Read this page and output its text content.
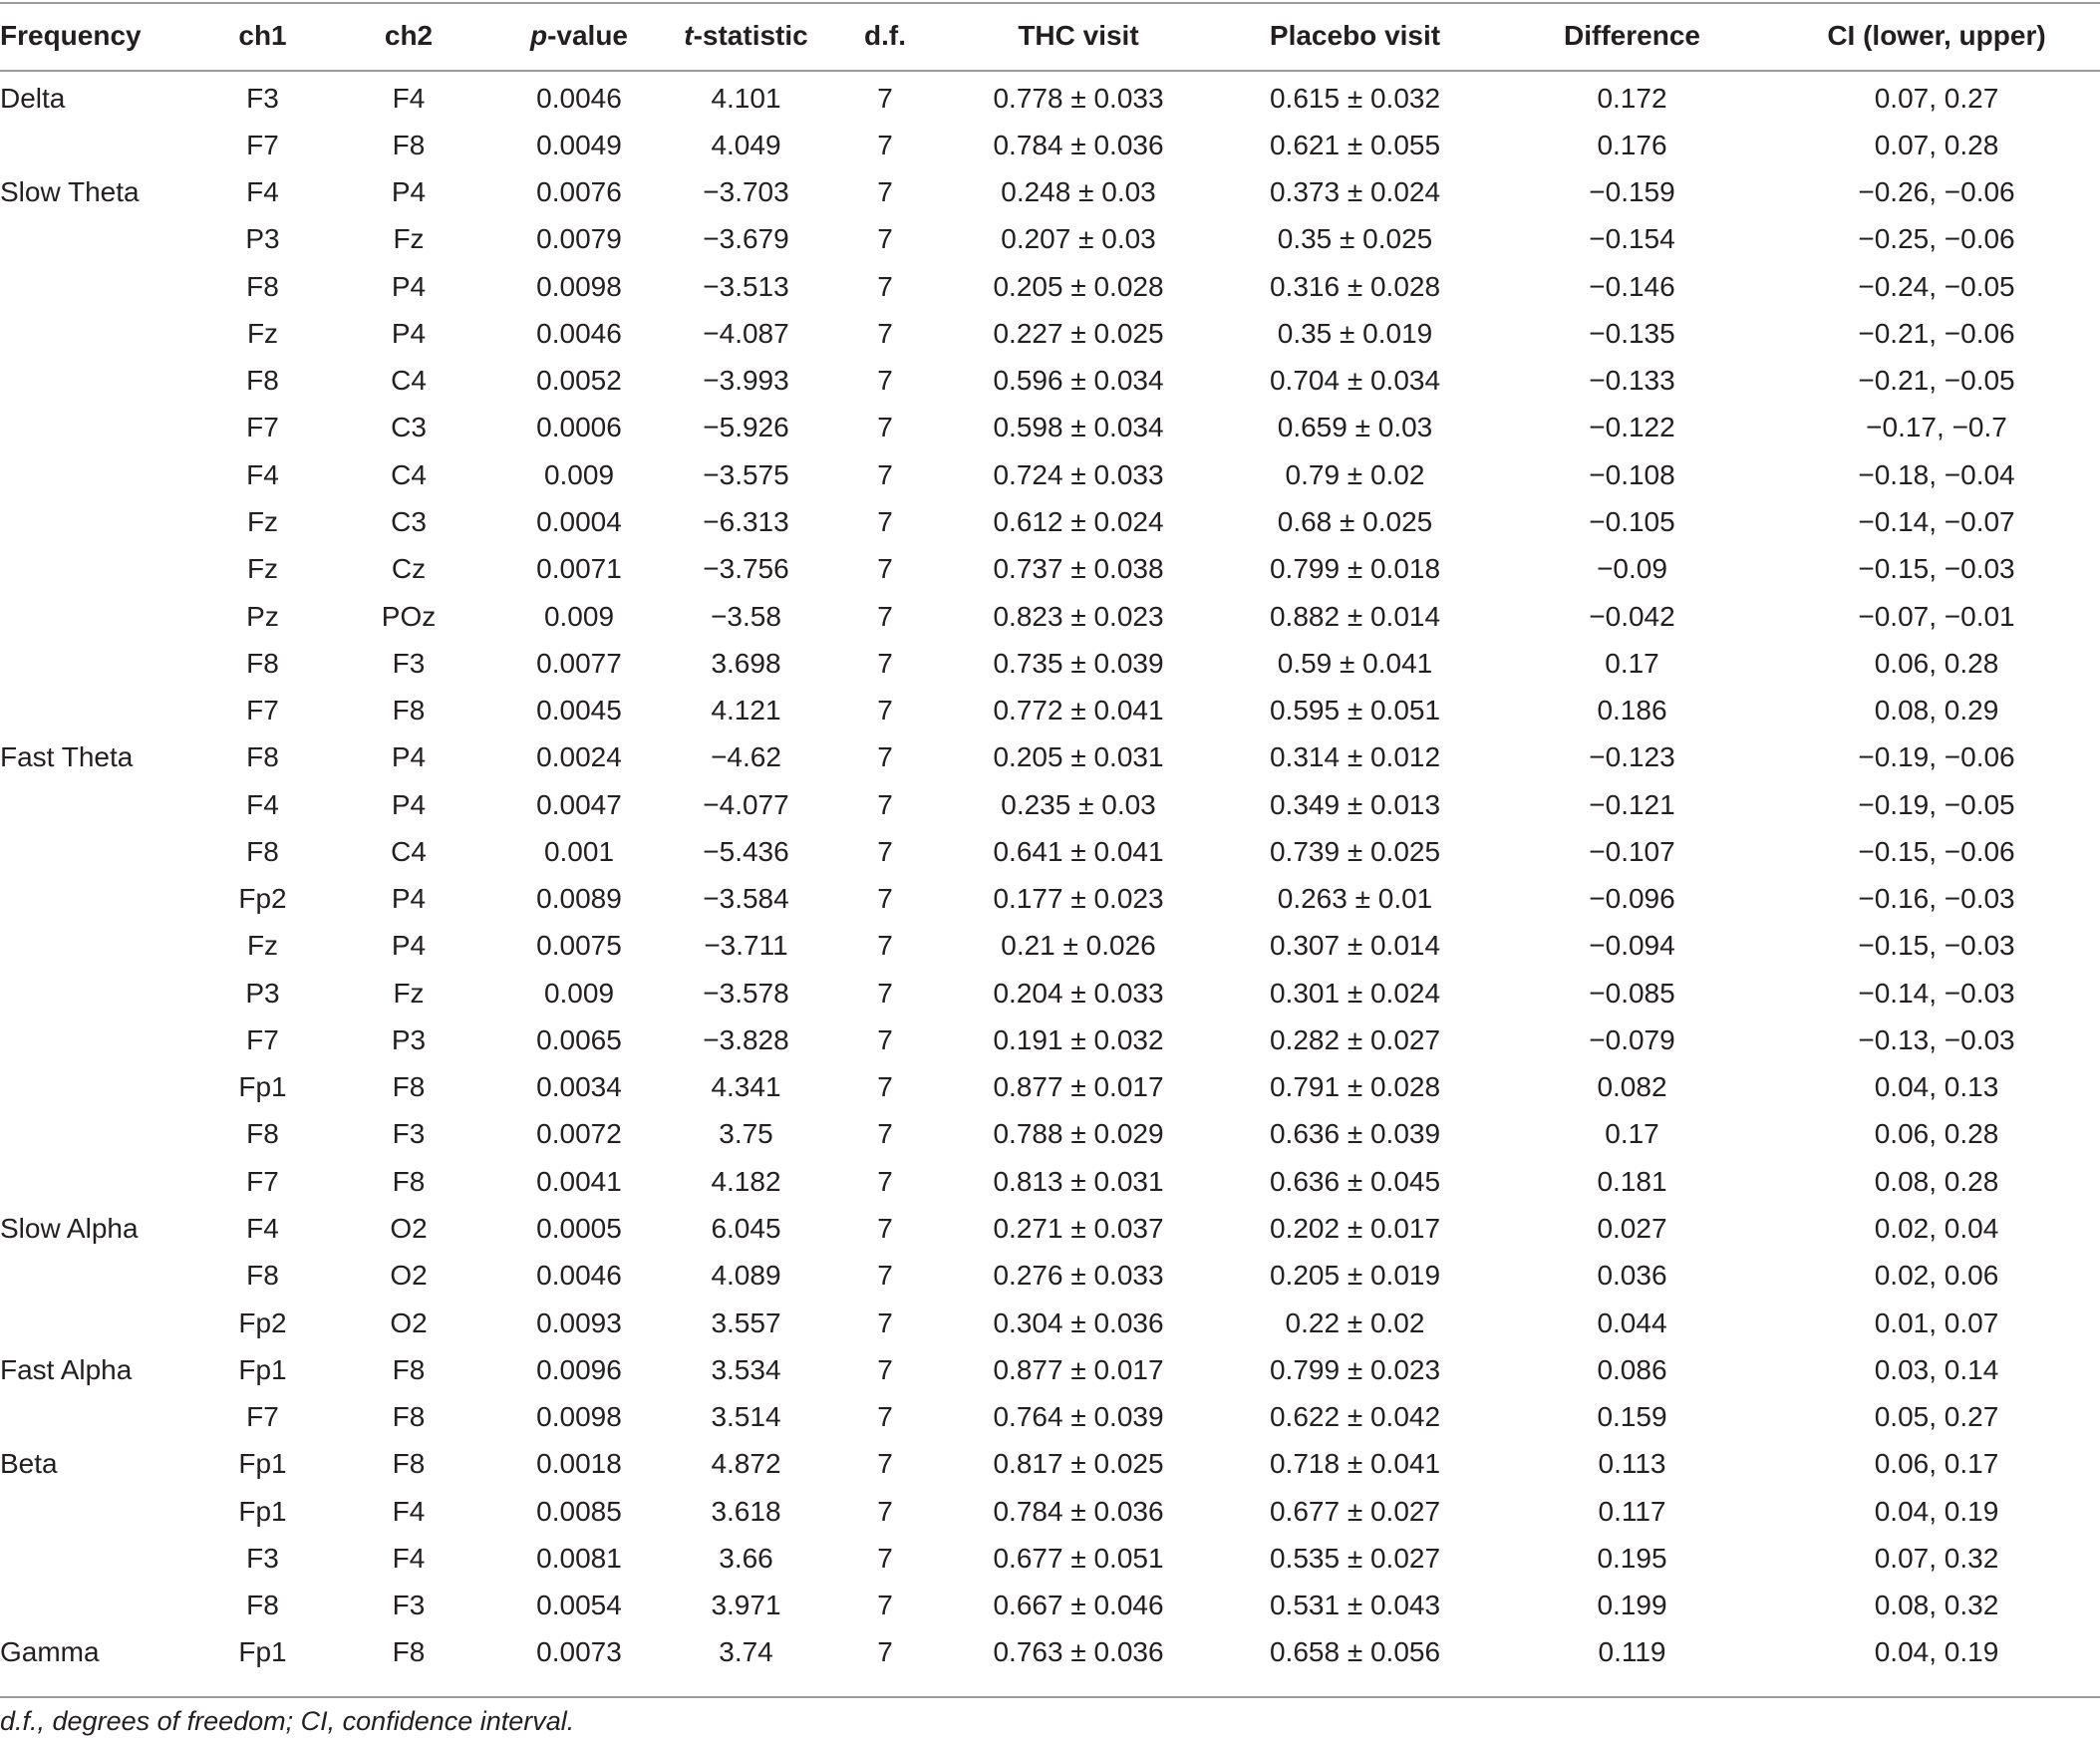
Frequency	ch1	ch2	p-value	t-statistic	d.f.	THC visit	Placebo visit	Difference	CI (lower, upper)
Delta	F3	F4	0.0046	4.101	7	0.778 ± 0.033	0.615 ± 0.032	0.172	0.07, 0.27
	F7	F8	0.0049	4.049	7	0.784 ± 0.036	0.621 ± 0.055	0.176	0.07, 0.28
Slow Theta	F4	P4	0.0076	−3.703	7	0.248 ± 0.03	0.373 ± 0.024	−0.159	−0.26, −0.06
	P3	Fz	0.0079	−3.679	7	0.207 ± 0.03	0.35 ± 0.025	−0.154	−0.25, −0.06
	F8	P4	0.0098	−3.513	7	0.205 ± 0.028	0.316 ± 0.028	−0.146	−0.24, −0.05
	Fz	P4	0.0046	−4.087	7	0.227 ± 0.025	0.35 ± 0.019	−0.135	−0.21, −0.06
	F8	C4	0.0052	−3.993	7	0.596 ± 0.034	0.704 ± 0.034	−0.133	−0.21, −0.05
	F7	C3	0.0006	−5.926	7	0.598 ± 0.034	0.659 ± 0.03	−0.122	−0.17, −0.7
	F4	C4	0.009	−3.575	7	0.724 ± 0.033	0.79 ± 0.02	−0.108	−0.18, −0.04
	Fz	C3	0.0004	−6.313	7	0.612 ± 0.024	0.68 ± 0.025	−0.105	−0.14, −0.07
	Fz	Cz	0.0071	−3.756	7	0.737 ± 0.038	0.799 ± 0.018	−0.09	−0.15, −0.03
	Pz	POz	0.009	−3.58	7	0.823 ± 0.023	0.882 ± 0.014	−0.042	−0.07, −0.01
	F8	F3	0.0077	3.698	7	0.735 ± 0.039	0.59 ± 0.041	0.17	0.06, 0.28
	F7	F8	0.0045	4.121	7	0.772 ± 0.041	0.595 ± 0.051	0.186	0.08, 0.29
Fast Theta	F8	P4	0.0024	−4.62	7	0.205 ± 0.031	0.314 ± 0.012	−0.123	−0.19, −0.06
	F4	P4	0.0047	−4.077	7	0.235 ± 0.03	0.349 ± 0.013	−0.121	−0.19, −0.05
	F8	C4	0.001	−5.436	7	0.641 ± 0.041	0.739 ± 0.025	−0.107	−0.15, −0.06
	Fp2	P4	0.0089	−3.584	7	0.177 ± 0.023	0.263 ± 0.01	−0.096	−0.16, −0.03
	Fz	P4	0.0075	−3.711	7	0.21 ± 0.026	0.307 ± 0.014	−0.094	−0.15, −0.03
	P3	Fz	0.009	−3.578	7	0.204 ± 0.033	0.301 ± 0.024	−0.085	−0.14, −0.03
	F7	P3	0.0065	−3.828	7	0.191 ± 0.032	0.282 ± 0.027	−0.079	−0.13, −0.03
	Fp1	F8	0.0034	4.341	7	0.877 ± 0.017	0.791 ± 0.028	0.082	0.04, 0.13
	F8	F3	0.0072	3.75	7	0.788 ± 0.029	0.636 ± 0.039	0.17	0.06, 0.28
	F7	F8	0.0041	4.182	7	0.813 ± 0.031	0.636 ± 0.045	0.181	0.08, 0.28
Slow Alpha	F4	O2	0.0005	6.045	7	0.271 ± 0.037	0.202 ± 0.017	0.027	0.02, 0.04
	F8	O2	0.0046	4.089	7	0.276 ± 0.033	0.205 ± 0.019	0.036	0.02, 0.06
	Fp2	O2	0.0093	3.557	7	0.304 ± 0.036	0.22 ± 0.02	0.044	0.01, 0.07
Fast Alpha	Fp1	F8	0.0096	3.534	7	0.877 ± 0.017	0.799 ± 0.023	0.086	0.03, 0.14
	F7	F8	0.0098	3.514	7	0.764 ± 0.039	0.622 ± 0.042	0.159	0.05, 0.27
Beta	Fp1	F8	0.0018	4.872	7	0.817 ± 0.025	0.718 ± 0.041	0.113	0.06, 0.17
	Fp1	F4	0.0085	3.618	7	0.784 ± 0.036	0.677 ± 0.027	0.117	0.04, 0.19
	F3	F4	0.0081	3.66	7	0.677 ± 0.051	0.535 ± 0.027	0.195	0.07, 0.32
	F8	F3	0.0054	3.971	7	0.667 ± 0.046	0.531 ± 0.043	0.199	0.08, 0.32
Gamma	Fp1	F8	0.0073	3.74	7	0.763 ± 0.036	0.658 ± 0.056	0.119	0.04, 0.19
d.f., degrees of freedom; CI, confidence interval.
